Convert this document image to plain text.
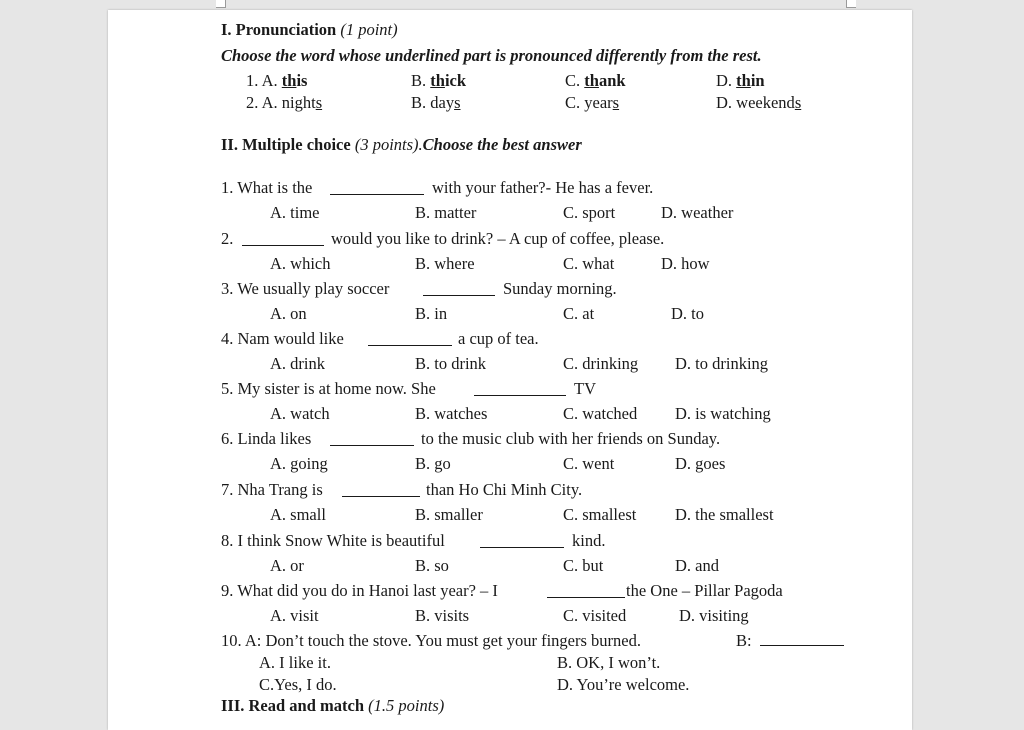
I. Pronunciation (1 point)
Choose the word whose underlined part is pronounced differently from the rest.
1. A. this	B. thick	C. thank	D. thin
2. A. nights	B. days	C. years	D. weekends
II. Multiple choice (3 points).Choose the best answer
1. What is the	with your father?- He has a fever.
A. time	B. matter	C. sport	D. weather
2.	would you like to drink? – A cup of coffee, please.
A. which	B. where	C. what	D. how
3. We usually play soccer	Sunday morning.
A. on	B. in	C. at	D. to
4. Nam would like	a cup of tea.
A. drink	B. to drink	C. drinking D. to drinking
5. My sister is at home now. She	TV
A. watch	B. watches	C. watched D. is watching
6. Linda likes	to the music club with her friends on Sunday.
A. going	B. go	C. went	D. goes
7. Nha Trang is	than Ho Chi Minh City.
A. small	B. smaller	C. smallest D. the smallest
8. I think Snow White is beautiful	kind.
A. or	B. so	C. but	D. and
9. What did you do in Hanoi last year? – I	the One – Pillar Pagoda
A. visit	B. visits	C. visited	D. visiting
10. A: Don’t touch the stove. You must get your fingers burned.	B:
A. I like it.	B. OK, I won’t.
C.Yes, I do.	D. You’re welcome.
III. Read and match (1.5 points)
